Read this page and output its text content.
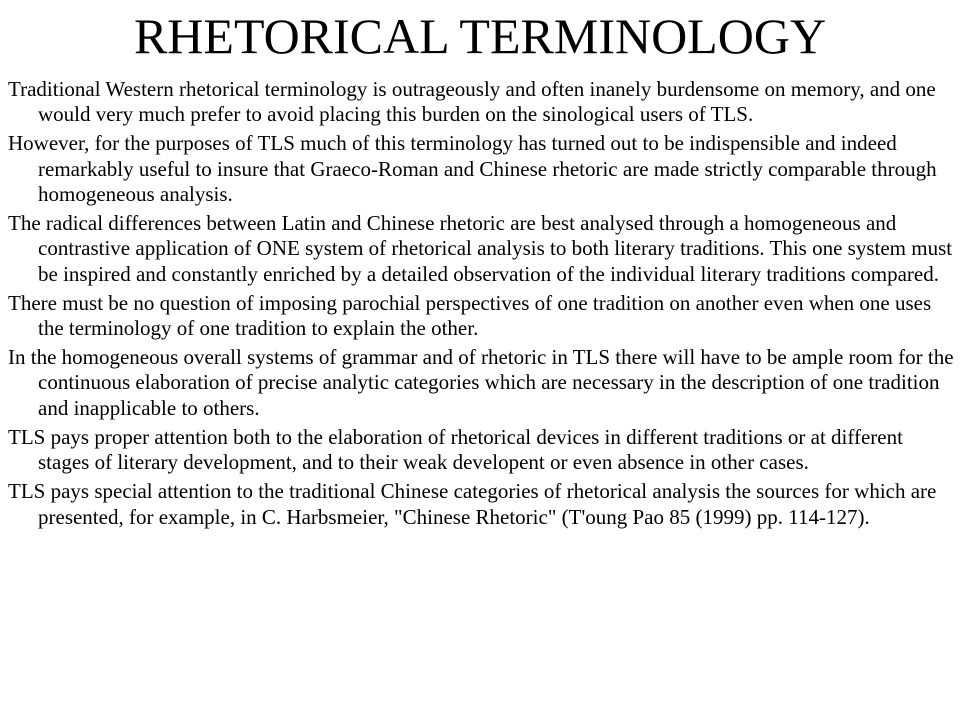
RHETORICAL TERMINOLOGY
Traditional Western rhetorical terminology is outrageously and often inanely burdensome on memory, and one would very much prefer to avoid placing this burden on the sinological users of TLS.
However, for the purposes of TLS much of this terminology has turned out to be indispensible and indeed remarkably useful to insure that Graeco-Roman and Chinese rhetoric are made strictly comparable through homogeneous analysis.
The radical differences between Latin and Chinese rhetoric are best analysed through a homogeneous and contrastive application of ONE system of rhetorical analysis to both literary traditions. This one system must be inspired and constantly enriched by a detailed observation of the individual literary traditions compared.
There must be no question of imposing parochial perspectives of one tradition on another even when one uses the terminology of one tradition to explain the other.
In the homogeneous overall systems of grammar and of rhetoric in TLS there will have to be ample room for the continuous elaboration of precise analytic categories which are necessary in the description of one tradition and inapplicable to others.
TLS pays proper attention both to the elaboration of rhetorical devices in different traditions or at different stages of literary development, and to their weak developent or even absence in other cases.
TLS pays special attention to the traditional Chinese categories of rhetorical analysis the sources for which are presented, for example, in C. Harbsmeier, "Chinese Rhetoric" (T'oung Pao 85 (1999) pp. 114-127).
